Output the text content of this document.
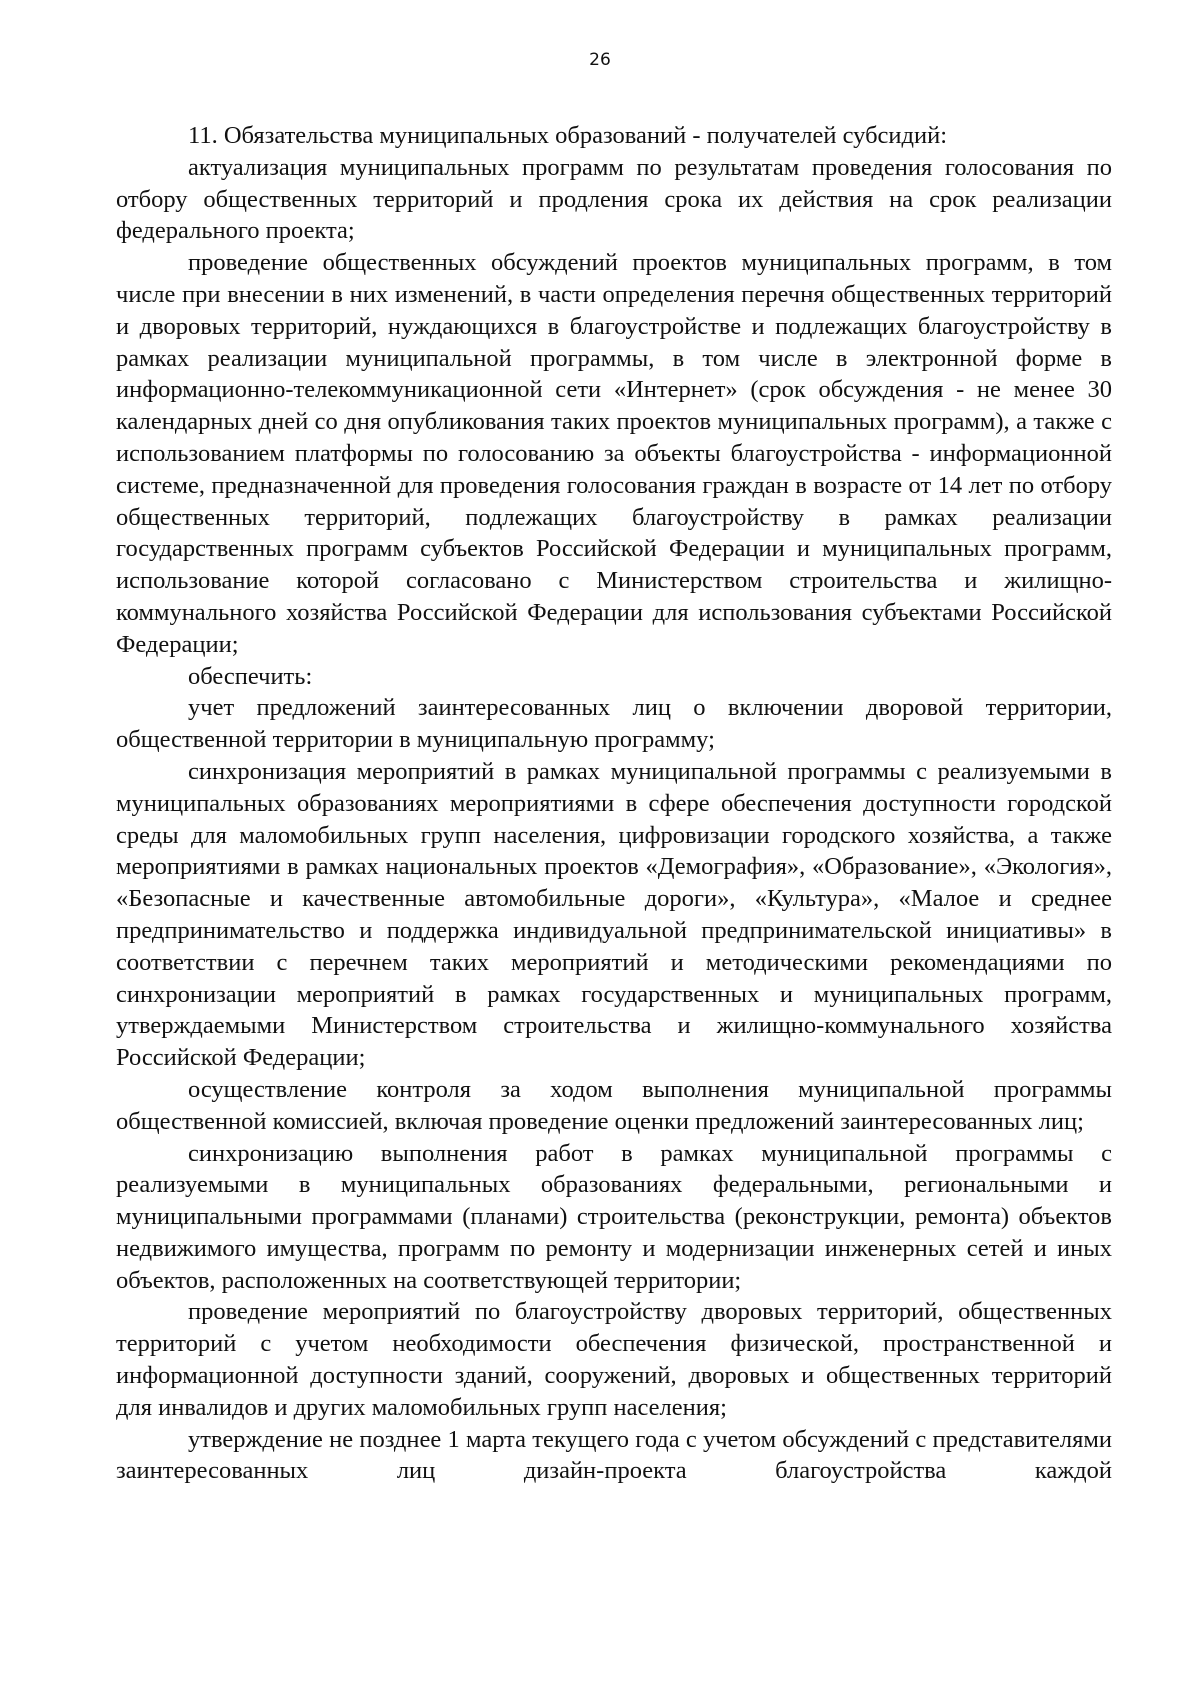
26

11. Обязательства муниципальных образований - получателей субсидий:

актуализация муниципальных программ по результатам проведения голосования по отбору общественных территорий и продления срока их действия на срок реализации федерального проекта;

проведение общественных обсуждений проектов муниципальных программ, в том числе при внесении в них изменений, в части определения перечня общественных территорий и дворовых территорий, нуждающихся в благоустройстве и подлежащих благоустройству в рамках реализации муниципальной программы, в том числе в электронной форме в информационно-телекоммуникационной сети «Интернет» (срок обсуждения - не менее 30 календарных дней со дня опубликования таких проектов муниципальных программ), а также с использованием платформы по голосованию за объекты благоустройства - информационной системе, предназначенной для проведения голосования граждан в возрасте от 14 лет по отбору общественных территорий, подлежащих благоустройству в рамках реализации государственных программ субъектов Российской Федерации и муниципальных программ, использование которой согласовано с Министерством строительства и жилищно-коммунального хозяйства Российской Федерации для использования субъектами Российской Федерации;

обеспечить:

учет предложений заинтересованных лиц о включении дворовой территории, общественной территории в муниципальную программу;

синхронизация мероприятий в рамках муниципальной программы с реализуемыми в муниципальных образованиях мероприятиями в сфере обеспечения доступности городской среды для маломобильных групп населения, цифровизации городского хозяйства, а также мероприятиями в рамках национальных проектов «Демография», «Образование», «Экология», «Безопасные и качественные автомобильные дороги», «Культура», «Малое и среднее предпринимательство и поддержка индивидуальной предпринимательской инициативы» в соответствии с перечнем таких мероприятий и методическими рекомендациями по синхронизации мероприятий в рамках государственных и муниципальных программ, утверждаемыми Министерством строительства и жилищно-коммунального хозяйства Российской Федерации;

осуществление контроля за ходом выполнения муниципальной программы общественной комиссией, включая проведение оценки предложений заинтересованных лиц;

синхронизацию выполнения работ в рамках муниципальной программы с реализуемыми в муниципальных образованиях федеральными, региональными и муниципальными программами (планами) строительства (реконструкции, ремонта) объектов недвижимого имущества, программ по ремонту и модернизации инженерных сетей и иных объектов, расположенных на соответствующей территории;

проведение мероприятий по благоустройству дворовых территорий, общественных территорий с учетом необходимости обеспечения физической, пространственной и информационной доступности зданий, сооружений, дворовых и общественных территорий для инвалидов и других маломобильных групп населения;

утверждение не позднее 1 марта текущего года с учетом обсуждений с представителями заинтересованных лиц дизайн-проекта благоустройства каждой
